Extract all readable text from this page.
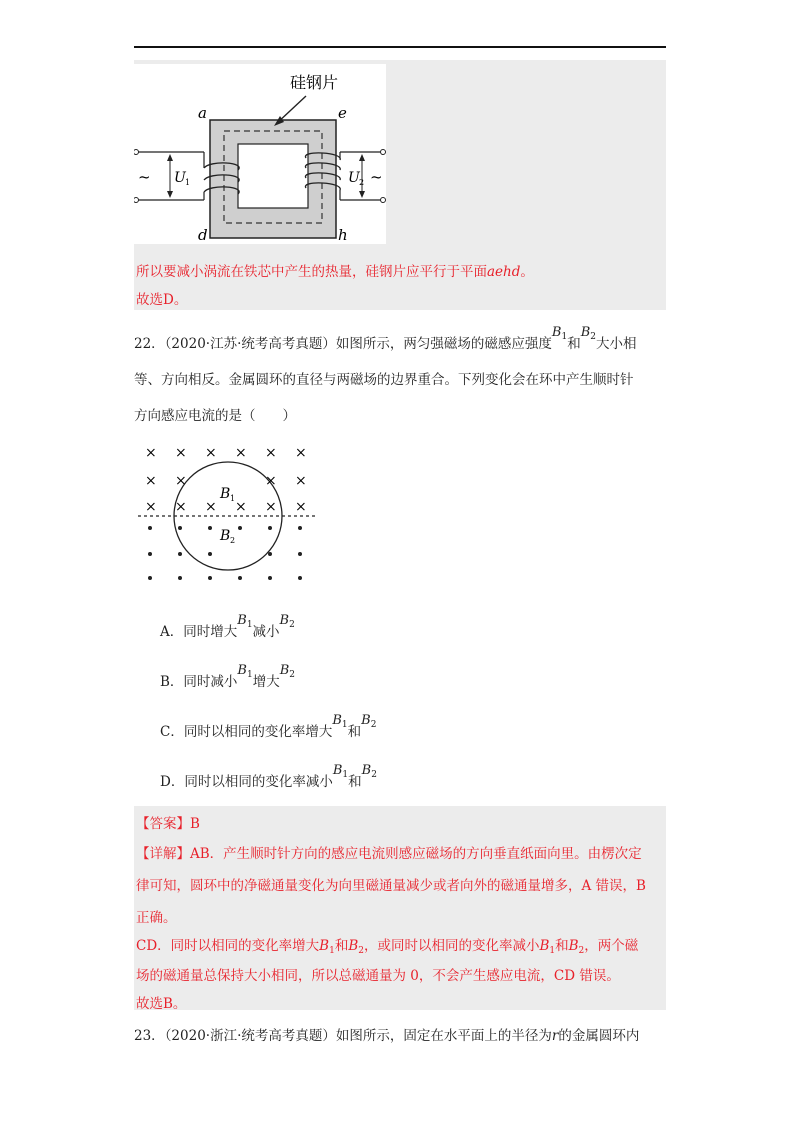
硅钢片
a	e
d	h
~	~
U 1	U 2
所以要减小涡流在铁芯中产生的热量，硅钢片应平行于平面aehd。
故选D。
22．（2020·江苏·统考高考真题）如图所示，两匀强磁场的磁感应强度$B_1$和$B_2$大小相
等、方向相反。金属圆环的直径与两磁场的边界重合。下列变化会在环中产生顺时针
方向感应电流的是（　　）
B 1
B 2
× × × × × ×
× ×	× ×
× × × × × ×
A．同时增大$B_1$减小$B_2$
B．同时减小$B_1$增大$B_2$
C．同时以相同的变化率增大$B_1$和$B_2$
D．同时以相同的变化率减小$B_1$和$B_2$
【答案】B
【详解】AB．产生顺时针方向的感应电流则感应磁场的方向垂直纸面向里。由楞次定
律可知，圆环中的净磁通量变化为向里磁通量减少或者向外的磁通量增多，A 错误，B
正确。
CD．同时以相同的变化率增大$B_1$和$B_2$，或同时以相同的变化率减小$B_1$和$B_2$，两个磁
场的磁通量总保持大小相同，所以总磁通量为 0，不会产生感应电流，CD 错误。
故选B。
23．（2020·浙江·统考高考真题）如图所示，固定在水平面上的半径为r的金属圆环内
